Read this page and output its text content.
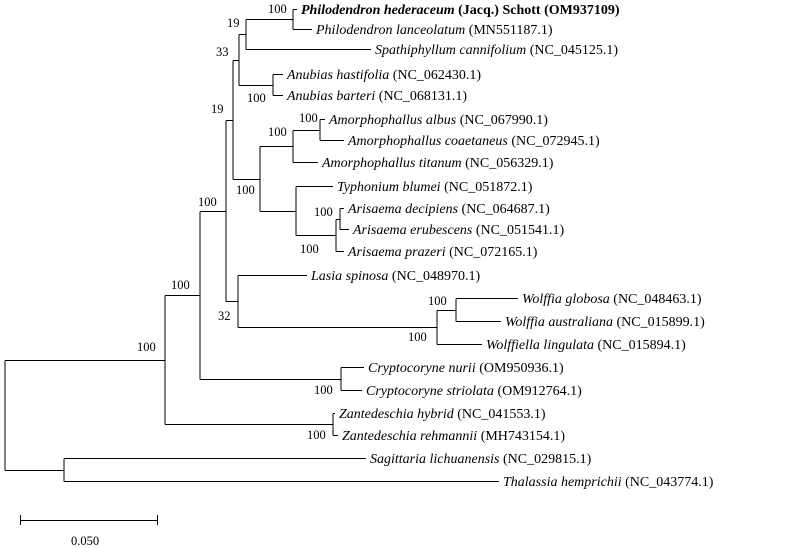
Philodendron hederaceum (Jacq.) Schott (OM937109)
Philodendron lanceolatum (MN551187.1)
Spathiphyllum cannifolium (NC_045125.1)
Anubias hastifolia (NC_062430.1)
Anubias barteri (NC_068131.1)
Amorphophallus albus (NC_067990.1)
Amorphophallus coaetaneus (NC_072945.1)
Amorphophallus titanum (NC_056329.1)
Typhonium blumei (NC_051872.1)
Arisaema decipiens (NC_064687.1)
Arisaema erubescens (NC_051541.1)
Arisaema prazeri (NC_072165.1)
Lasia spinosa (NC_048970.1)
Wolffia globosa (NC_048463.1)
Wolffia australiana (NC_015899.1)
Wolffiella lingulata (NC_015894.1)
Cryptocoryne nurii (OM950936.1)
Cryptocoryne striolata (OM912764.1)
Zantedeschia hybrid (NC_041553.1)
Zantedeschia rehmannii (MH743154.1)
Sagittaria lichuanensis (NC_029815.1)
Thalassia hemprichii (NC_043774.1)
100
19
100
33
100
100
100
100
100
19
100
100
32
100
100
100
100
100
0.050
